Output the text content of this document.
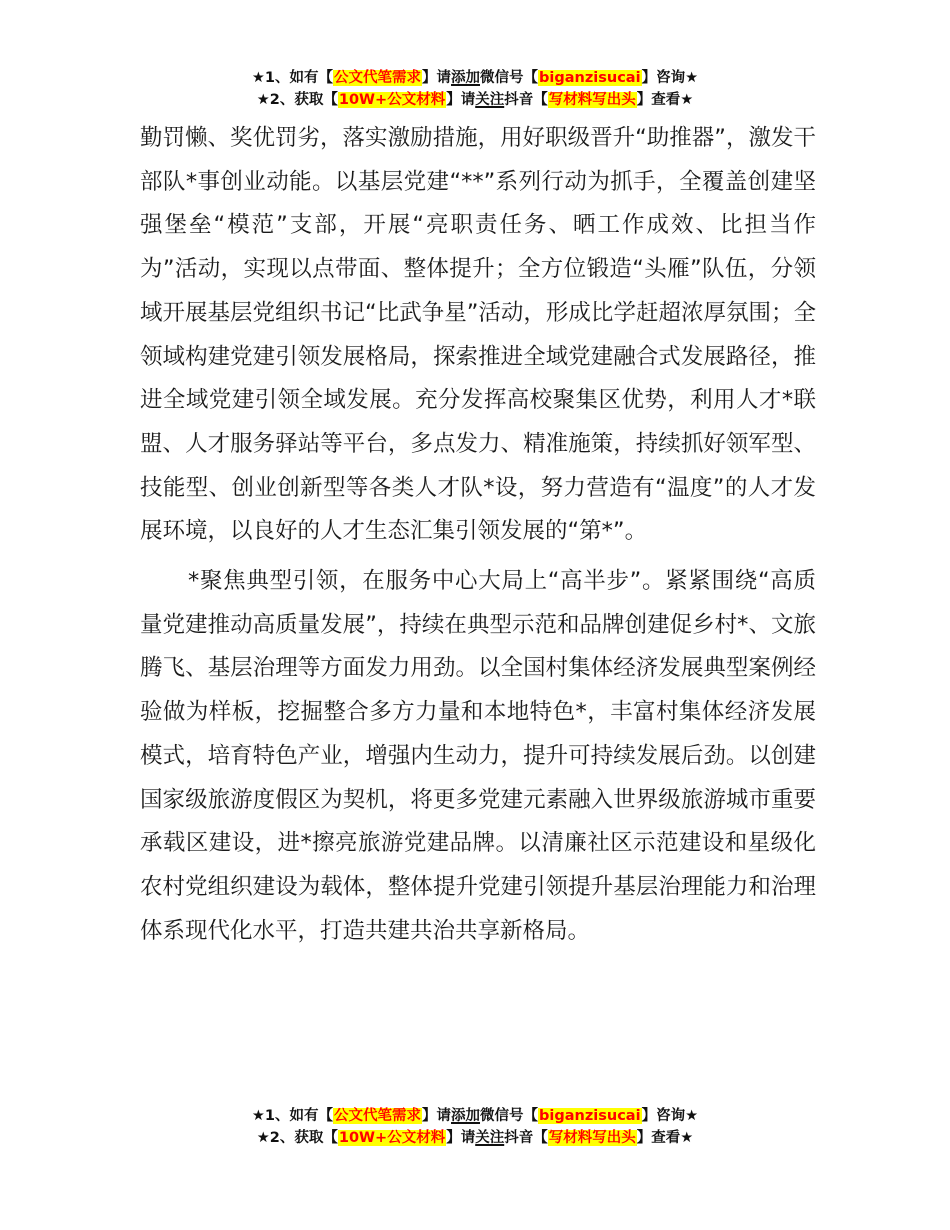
★1、如有【公文代笔需求】请添加微信号【biganzisucai】咨询★
★2、获取【10W+公文材料】请关注抖音【写材料写出头】查看★

勤罚懒、奖优罚劣，落实激励措施，用好职级晋升“助推器”，激发干部队*事创业动能。以基层党建“**”系列行动为抓手，全覆盖创建坚强堡垒“模范”支部，开展“亮职责任务、晒工作成效、比担当作为”活动，实现以点带面、整体提升；全方位锻造“头雁”队伍，分领域开展基层党组织书记“比武争星”活动，形成比学赶超浓厚氛围；全领域构建党建引领发展格局，探索推进全域党建融合式发展路径，推进全域党建引领全域发展。充分发挥高校聚集区优势，利用人才*联盟、人才服务驿站等平台，多点发力、精准施策，持续抓好领军型、技能型、创业创新型等各类人才队*设，努力营造有“温度”的人才发展环境，以良好的人才生态汇集引领发展的“第*”。

*聚焦典型引领，在服务中心大局上“高半步”。紧紧围绕“高质量党建推动高质量发展”，持续在典型示范和品牌创建促乡村*、文旅腾飞、基层治理等方面发力用劲。以全国村集体经济发展典型案例经验做为样板，挖掘整合多方力量和本地特色*，丰富村集体经济发展模式，培育特色产业，增强内生动力，提升可持续发展后劲。以创建国家级旅游度假区为契机，将更多党建元素融入世界级旅游城市重要承载区建设，进*擦亮旅游党建品牌。以清廉社区示范建设和星级化农村党组织建设为载体，整体提升党建引领提升基层治理能力和治理体系现代化水平，打造共建共治共享新格局。

★1、如有【公文代笔需求】请添加微信号【biganzisucai】咨询★
★2、获取【10W+公文材料】请关注抖音【写材料写出头】查看★
